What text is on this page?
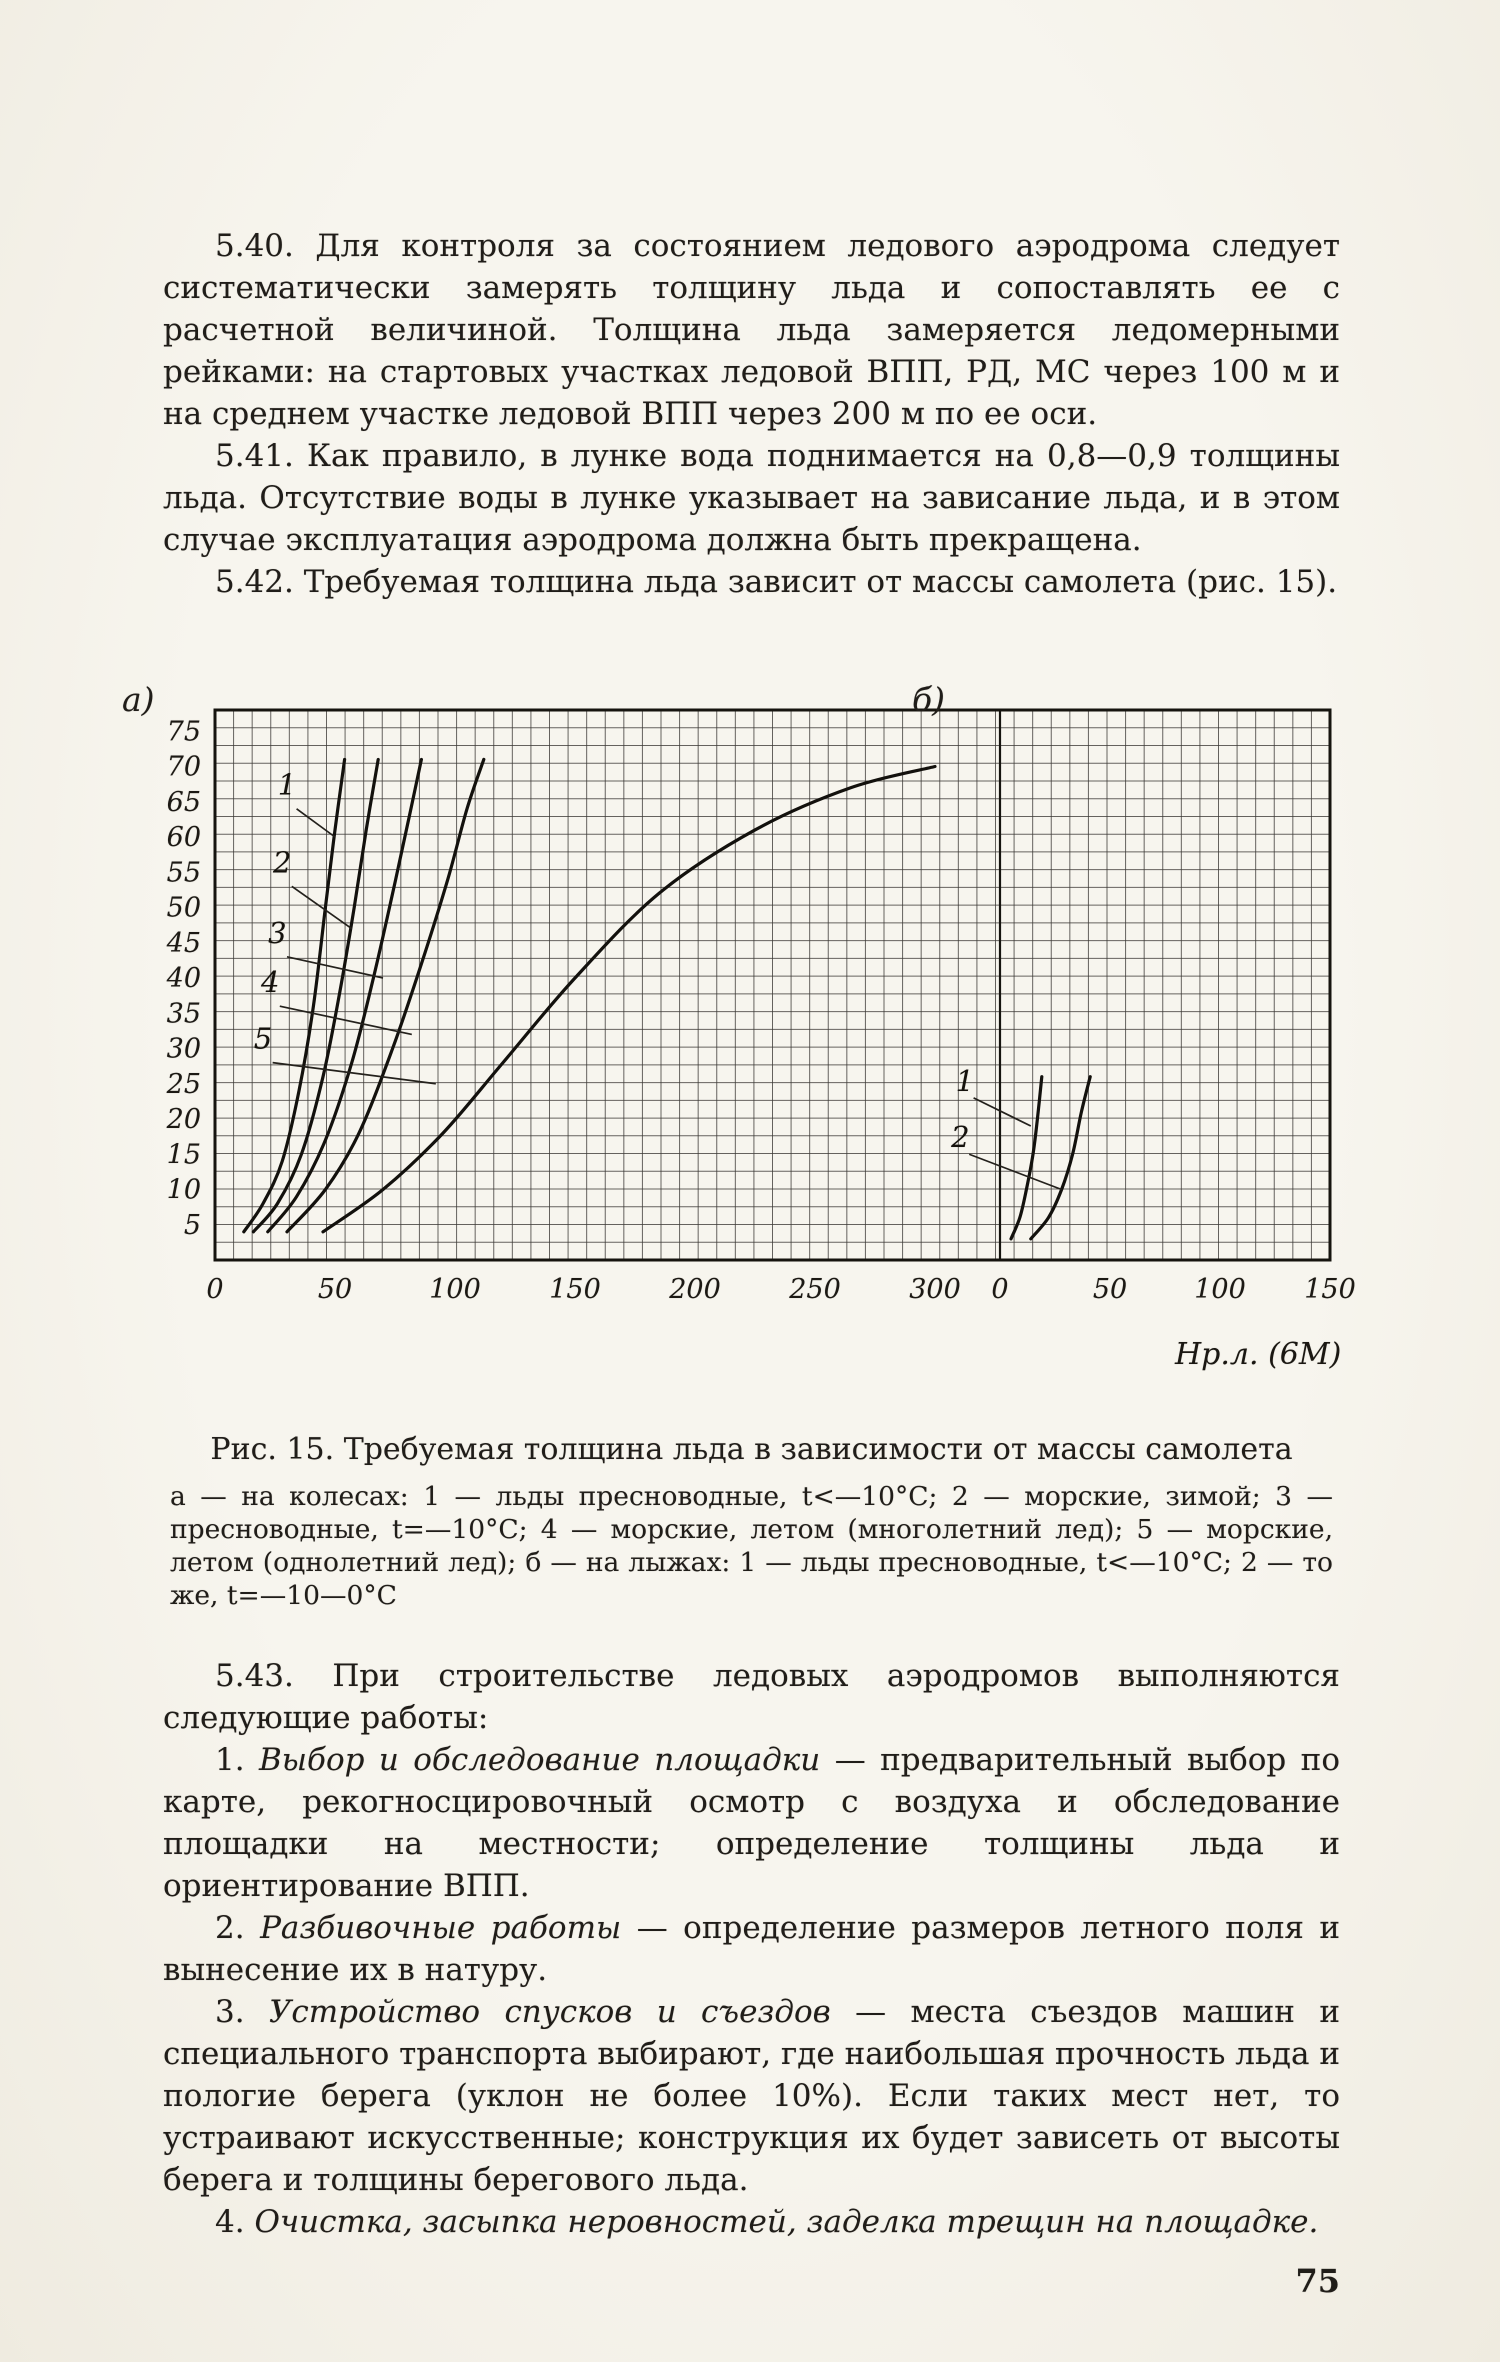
5.40. Для контроля за состоянием ледового аэродрома следует систематически замерять толщину льда и сопоставлять ее с расчетной величиной. Толщина льда замеряется ледомерными рейками: на стартовых участках ледовой ВПП, РД, МС через 100 м и на среднем участке ледовой ВПП через 200 м по ее оси.

5.41. Как правило, в лунке вода поднимается на 0,8—0,9 толщины льда. Отсутствие воды в лунке указывает на зависание льда, и в этом случае эксплуатация аэродрома должна быть прекращена.

5.42. Требуемая толщина льда зависит от массы самолета (рис. 15).

а)	б)
75
70
65
60
55
50
45
40
35
30
25
20
15
10
5
0	50	100	150	200	250	300
1
2
3
4
5
0	50 100 150
1
2
Нр.л. (6М)
Рис. 15. Требуемая толщина льда в зависимости от массы самолета
а — на колесах: 1 — льды пресноводные, t<—10°С; 2 — морские, зимой; 3 — пресноводные, t=—10°С; 4 — морские, летом (многолетний лед); 5 — морские, летом (однолетний лед); б — на лыжах: 1 — льды пресноводные, t<—10°С; 2 — то же, t=—10—0°С

5.43. При строительстве ледовых аэродромов выполняются следующие работы:

1. Выбор и обследование площадки — предварительный выбор по карте, рекогносцировочный осмотр с воздуха и обследование площадки на местности; определение толщины льда и ориентирование ВПП.

2. Разбивочные работы — определение размеров летного поля и вынесение их в натуру.

3. Устройство спусков и съездов — места съездов машин и специального транспорта выбирают, где наибольшая прочность льда и пологие берега (уклон не более 10%). Если таких мест нет, то устраивают искусственные; конструкция их будет зависеть от высоты берега и толщины берегового льда.

4. Очистка, засыпка неровностей, заделка трещин на площадке.

75
